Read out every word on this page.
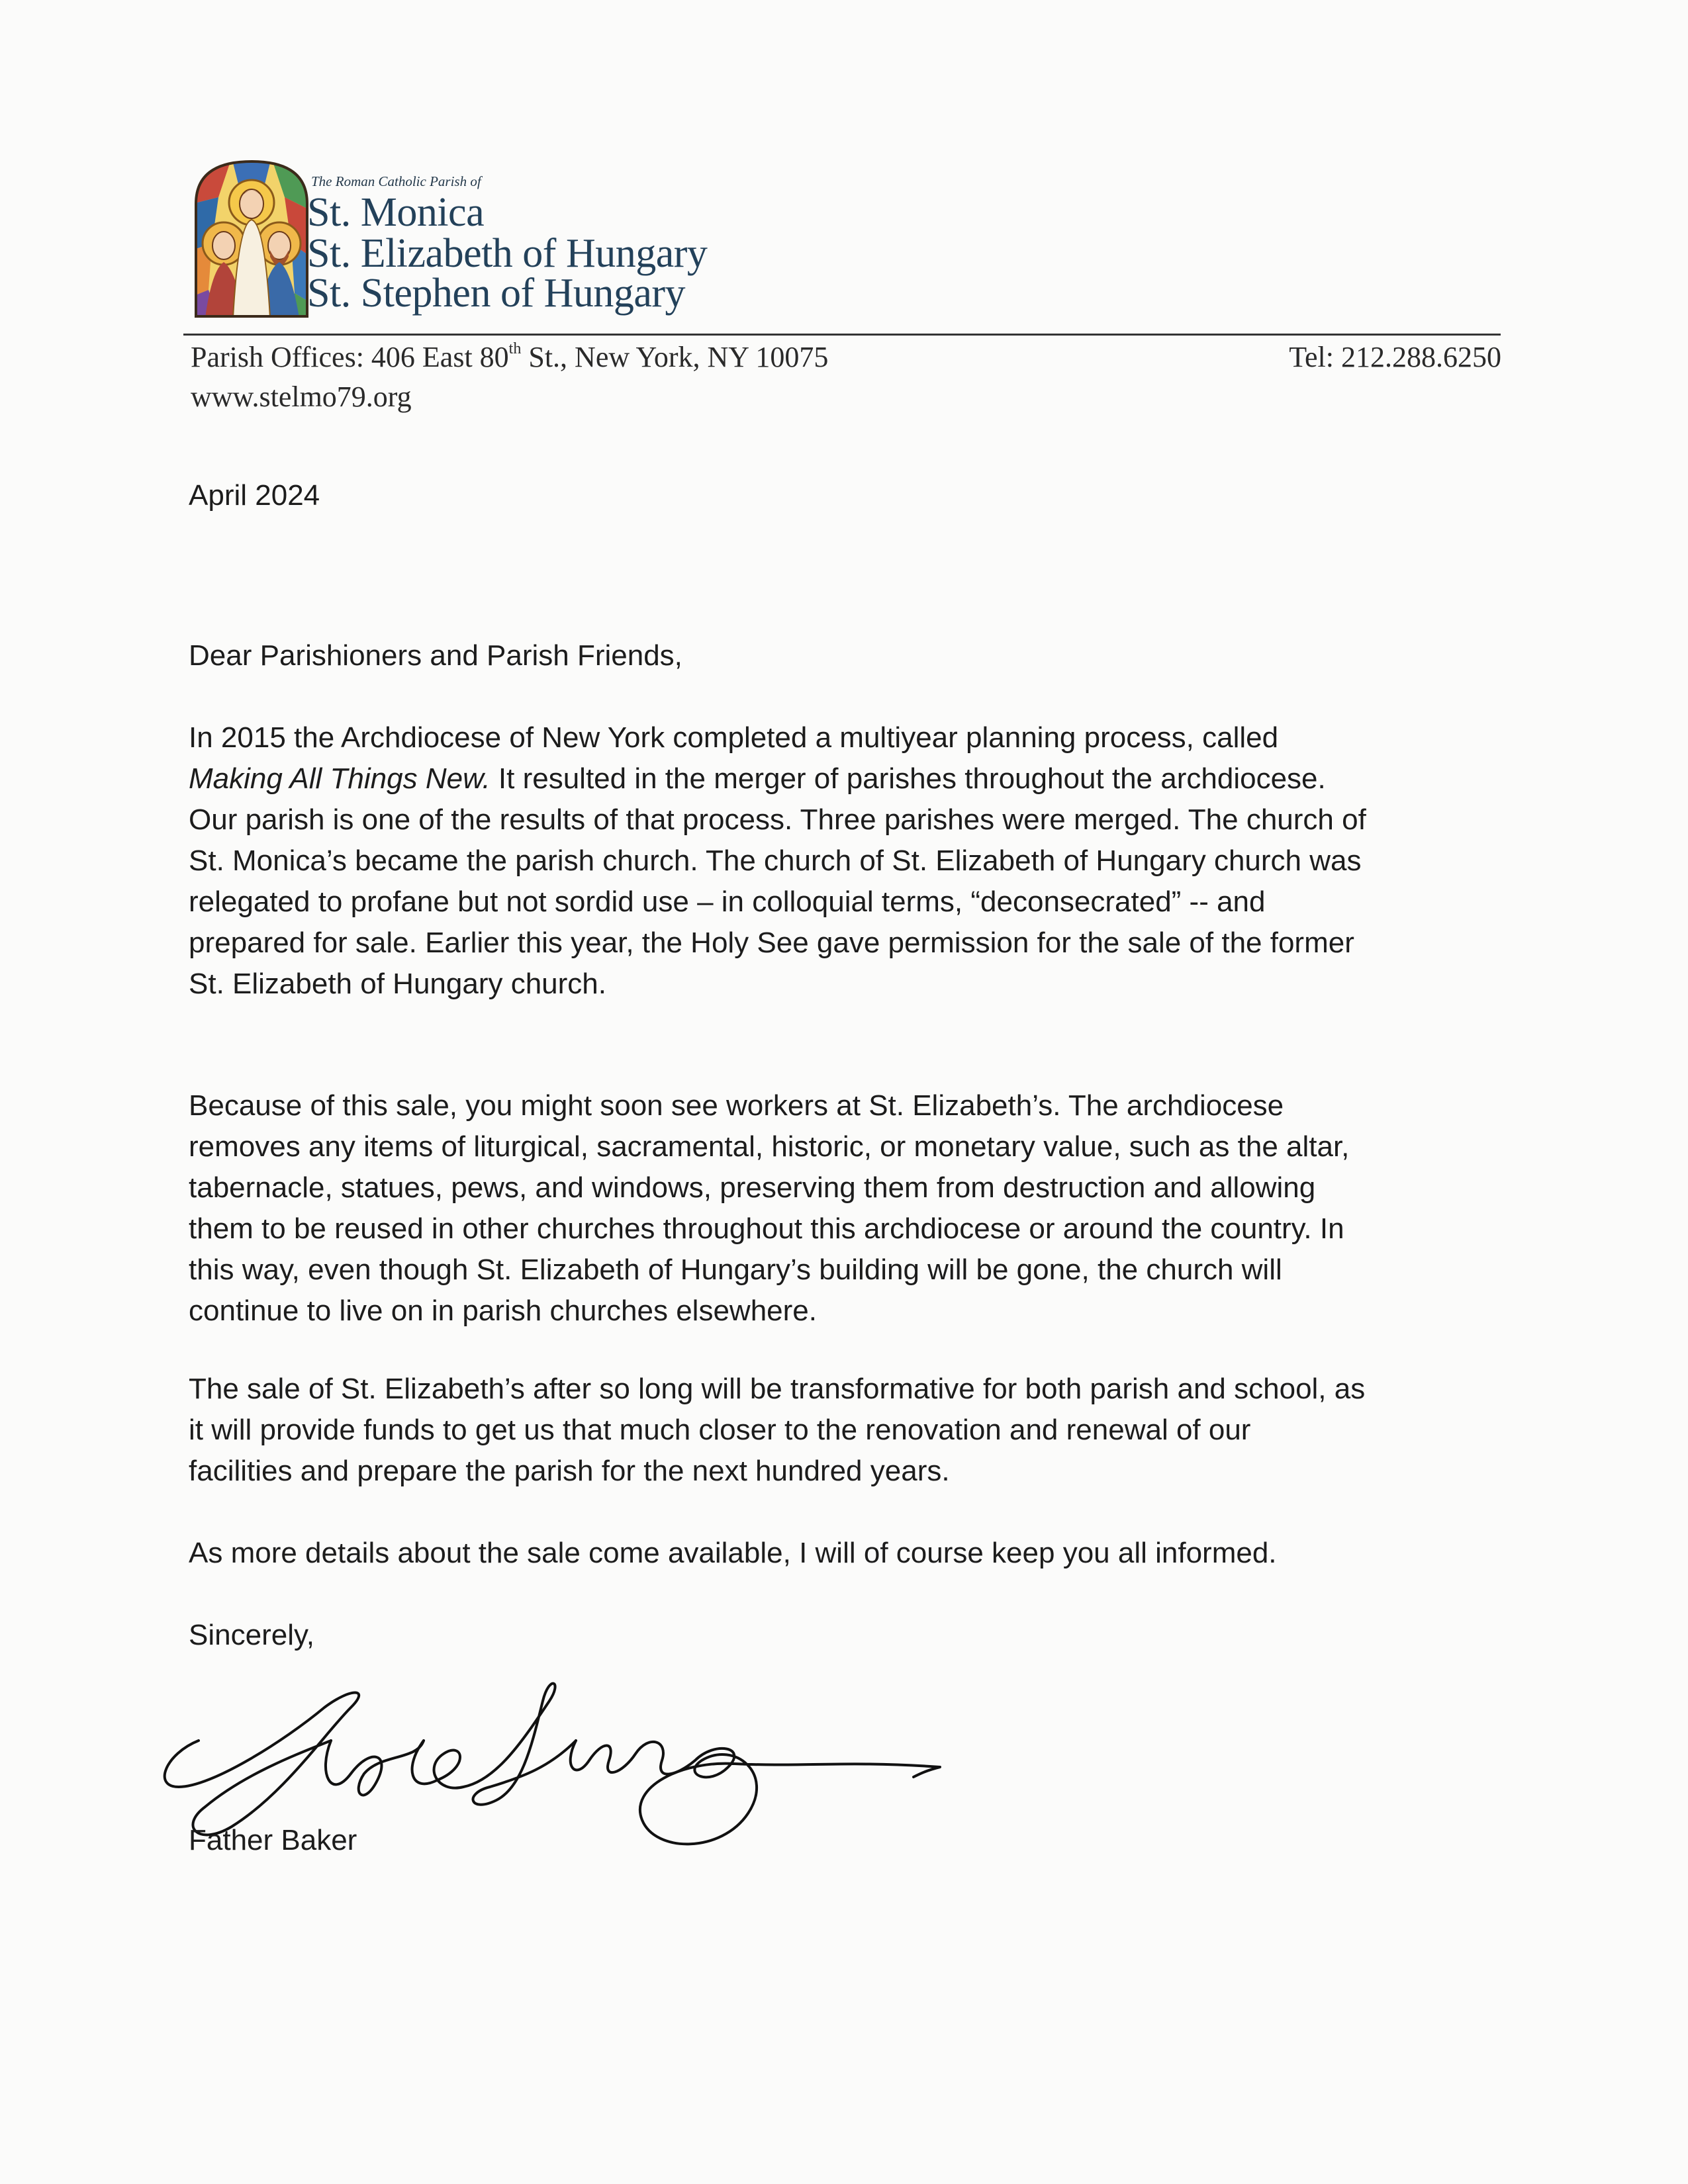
The Roman Catholic Parish of
St. Monica
St. Elizabeth of Hungary
St. Stephen of Hungary
Parish Offices: 406 East 80th St., New York, NY 10075
www.stelmo79.org
Tel: 212.288.6250
April 2024
Dear Parishioners and Parish Friends,
In 2015 the Archdiocese of New York completed a multiyear planning process, called
Making All Things New. It resulted in the merger of parishes throughout the archdiocese.
Our parish is one of the results of that process. Three parishes were merged. The church of
St. Monica’s became the parish church. The church of St. Elizabeth of Hungary church was
relegated to profane but not sordid use – in colloquial terms, “deconsecrated” -- and
prepared for sale. Earlier this year, the Holy See gave permission for the sale of the former
St. Elizabeth of Hungary church.
Because of this sale, you might soon see workers at St. Elizabeth’s. The archdiocese
removes any items of liturgical, sacramental, historic, or monetary value, such as the altar,
tabernacle, statues, pews, and windows, preserving them from destruction and allowing
them to be reused in other churches throughout this archdiocese or around the country. In
this way, even though St. Elizabeth of Hungary’s building will be gone, the church will
continue to live on in parish churches elsewhere.
The sale of St. Elizabeth’s after so long will be transformative for both parish and school, as
it will provide funds to get us that much closer to the renovation and renewal of our
facilities and prepare the parish for the next hundred years.
As more details about the sale come available, I will of course keep you all informed.
Sincerely,
Father Baker
